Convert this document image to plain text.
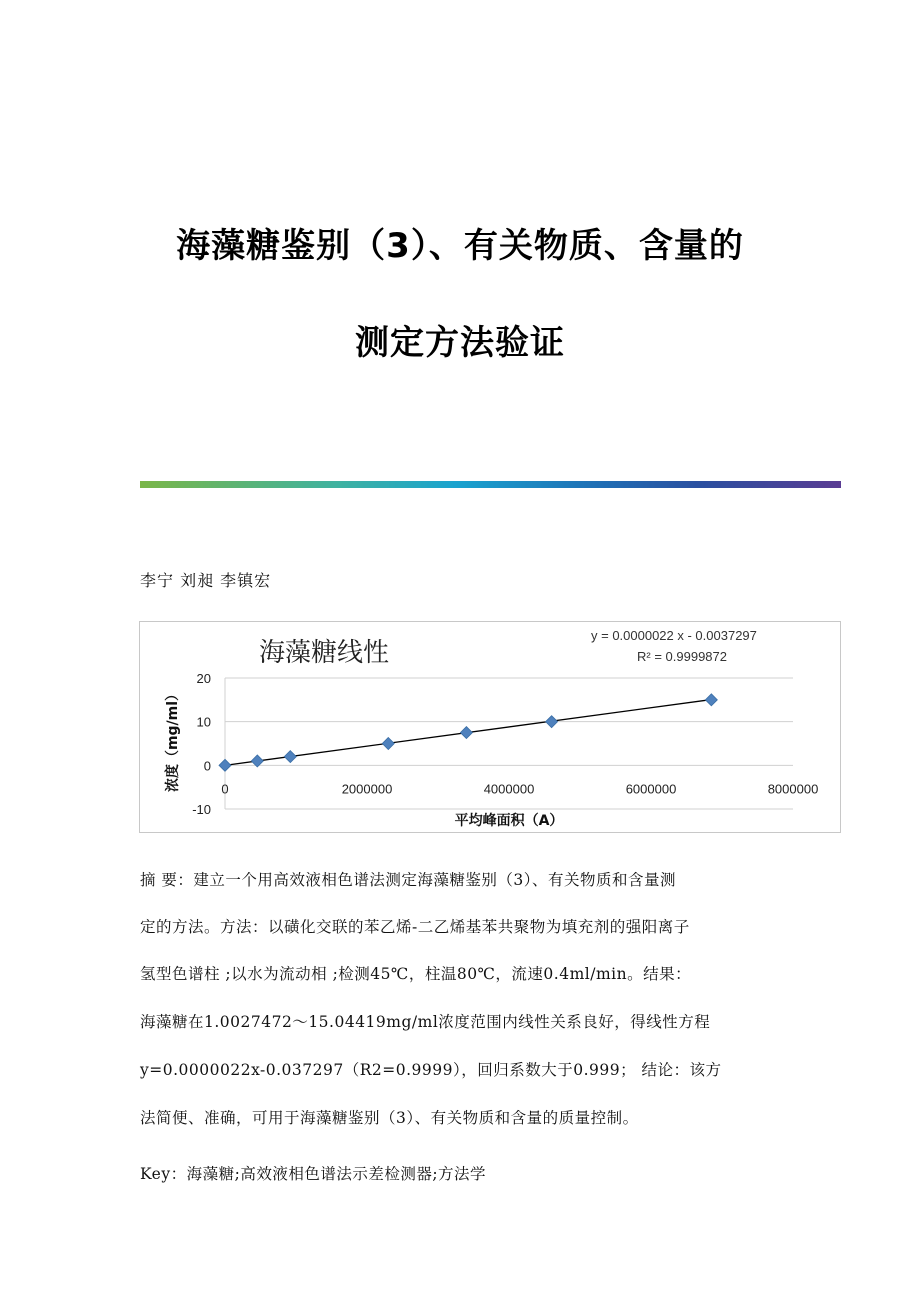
海藻糖鉴别（3）、有关物质、含量的
测定方法验证
李宁 刘昶 李镇宏
海藻糖线性
y = 0.0000022 x - 0.0037297
R² = 0.9999872
-10
0
10
20
0	2000000	4000000	6000000	8000000
平均峰面积（A）
浓度（mg/ml）
摘 要：建立一个用高效液相色谱法测定海藻糖鉴别（3）、有关物质和含量测
定的方法。方法：以磺化交联的苯乙烯-二乙烯基苯共聚物为填充剂的强阳离子
氢型色谱柱 ;以水为流动相 ;检测45℃，柱温80℃，流速0.4ml/min。结果：
海藻糖在1.0027472～15.04419mg/ml浓度范围内线性关系良好，得线性方程
y=0.0000022x-0.037297（R2=0.9999），回归系数大于0.999； 结论：该方
法简便、准确，可用于海藻糖鉴别（3）、有关物质和含量的质量控制。
Key：海藻糖;高效液相色谱法示差检测器;方法学
